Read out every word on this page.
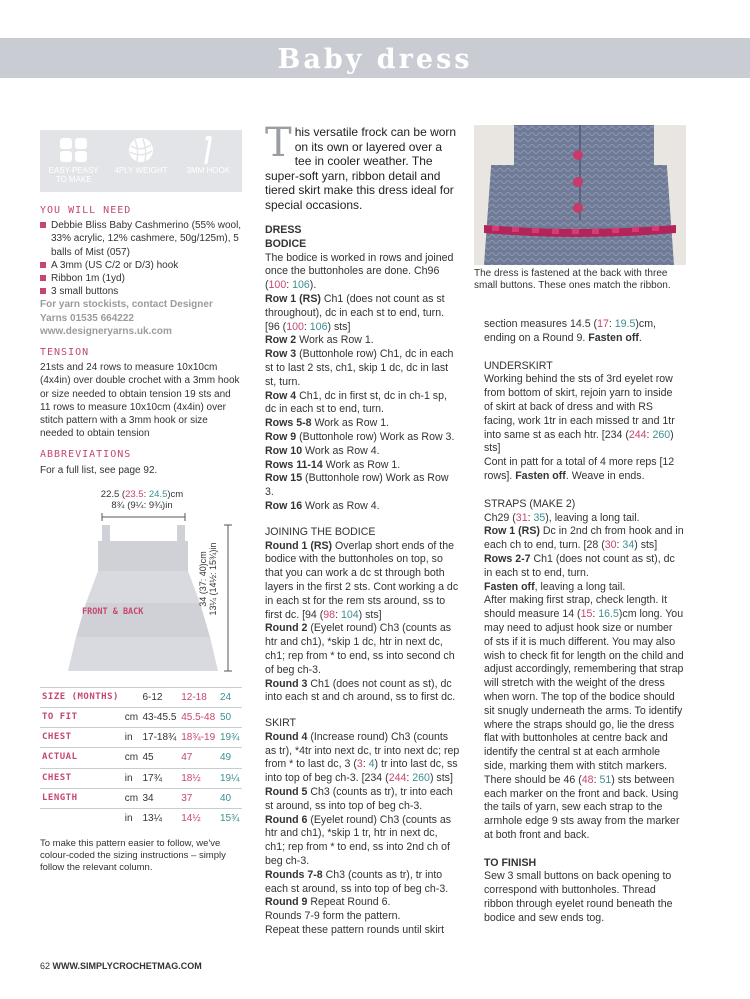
Baby dress
EASY-PEASY TO MAKE
4PLY WEIGHT	3MM HOOK
YOU WILL NEED
Debbie Bliss Baby Cashmerino (55% wool, 33% acrylic, 12% cashmere, 50g/125m), 5 balls of Mist (057)
A 3mm (US C/2 or D/3) hook
Ribbon 1m (1yd)
3 small buttons
For yarn stockists, contact Designer Yarns 01535 664222 www.designeryarns.uk.com
TENSION
21sts and 24 rows to measure 10x10cm (4x4in) over double crochet with a 3mm hook or size needed to obtain tension 19 sts and 11 rows to measure 10x10cm (4x4in) over stitch pattern with a 3mm hook or size needed to obtain tension
ABBREVIATIONS
For a full list, see page 92.
22.5 (23.5: 24.5)cm
8¾ (9¼: 9¾)in
FRONT & BACK
34 (37: 40)cm
13¼ (14½: 15¾)in
SIZE (MONTHS)		6-12	12-18	24
TO FIT	cm	43-45.5	45.5-48	50
CHEST	in	17-18¾	18¾-19	19¾
ACTUAL	cm	45	47	49
CHEST	in	17¾	18½	19¼
LENGTH	cm	34	37	40
	in	13¼	14½	15¾
To make this pattern easier to follow, we've colour-coded the sizing instructions – simply follow the relevant column.

This versatile frock can be worn on its own or layered over a tee in cooler weather. The super-soft yarn, ribbon detail and tiered skirt make this dress ideal for special occasions.

DRESS

BODICE

The bodice is worked in rows and joined once the buttonholes are done. Ch96 (100: 106).

Row 1 (RS) Ch1 (does not count as st throughout), dc in each st to end, turn. [96 (100: 106) sts]

Row 2 Work as Row 1.

Row 3 (Buttonhole row) Ch1, dc in each st to last 2 sts, ch1, skip 1 dc, dc in last st, turn.

Row 4 Ch1, dc in first st, dc in ch-1 sp, dc in each st to end, turn.

Rows 5-8 Work as Row 1.

Row 9 (Buttonhole row) Work as Row 3.

Row 10 Work as Row 4.

Rows 11-14 Work as Row 1.

Row 15 (Buttonhole row) Work as Row 3.

Row 16 Work as Row 4.

JOINING THE BODICE

Round 1 (RS) Overlap short ends of the bodice with the buttonholes on top, so that you can work a dc st through both layers in the first 2 sts. Cont working a dc in each st for the rem sts around, ss to first dc. [94 (98: 104) sts]

Round 2 (Eyelet round) Ch3 (counts as htr and ch1), *skip 1 dc, htr in next dc, ch1; rep from * to end, ss into second ch of beg ch-3.

Round 3 Ch1 (does not count as st), dc into each st and ch around, ss to first dc.

SKIRT

Round 4 (Increase round) Ch3 (counts as tr), *4tr into next dc, tr into next dc; rep from * to last dc, 3 (3: 4) tr into last dc, ss into top of beg ch-3. [234 (244: 260) sts]

Round 5 Ch3 (counts as tr), tr into each st around, ss into top of beg ch-3.

Round 6 (Eyelet round) Ch3 (counts as htr and ch1), *skip 1 tr, htr in next dc, ch1; rep from * to end, ss into 2nd ch of beg ch-3.

Rounds 7-8 Ch3 (counts as tr), tr into each st around, ss into top of beg ch-3.

Round 9 Repeat Round 6.

Rounds 7-9 form the pattern.

Repeat these pattern rounds until skirt

The dress is fastened at the back with three small buttons. These ones match the ribbon.

section measures 14.5 (17: 19.5)cm, ending on a Round 9. Fasten off.

UNDERSKIRT

Working behind the sts of 3rd eyelet row from bottom of skirt, rejoin yarn to inside of skirt at back of dress and with RS facing, work 1tr in each missed tr and 1tr into same st as each htr. [234 (244: 260) sts]

Cont in patt for a total of 4 more reps [12 rows]. Fasten off. Weave in ends.

STRAPS (MAKE 2)

Ch29 (31: 35), leaving a long tail.

Row 1 (RS) Dc in 2nd ch from hook and in each ch to end, turn. [28 (30: 34) sts]

Rows 2-7 Ch1 (does not count as st), dc in each st to end, turn.

Fasten off, leaving a long tail.

After making first strap, check length. It should measure 14 (15: 16.5)cm long. You may need to adjust hook size or number of sts if it is much different. You may also wish to check fit for length on the child and adjust accordingly, remembering that strap will stretch with the weight of the dress when worn. The top of the bodice should sit snugly underneath the arms. To identify where the straps should go, lie the dress flat with buttonholes at centre back and identify the central st at each armhole side, marking them with stitch markers. There should be 46 (48: 51) sts between each marker on the front and back. Using the tails of yarn, sew each strap to the armhole edge 9 sts away from the marker at both front and back.

TO FINISH

Sew 3 small buttons on back opening to correspond with buttonholes. Thread ribbon through eyelet round beneath the bodice and sew ends tog.

62 WWW.SIMPLYCROCHETMAG.COM
